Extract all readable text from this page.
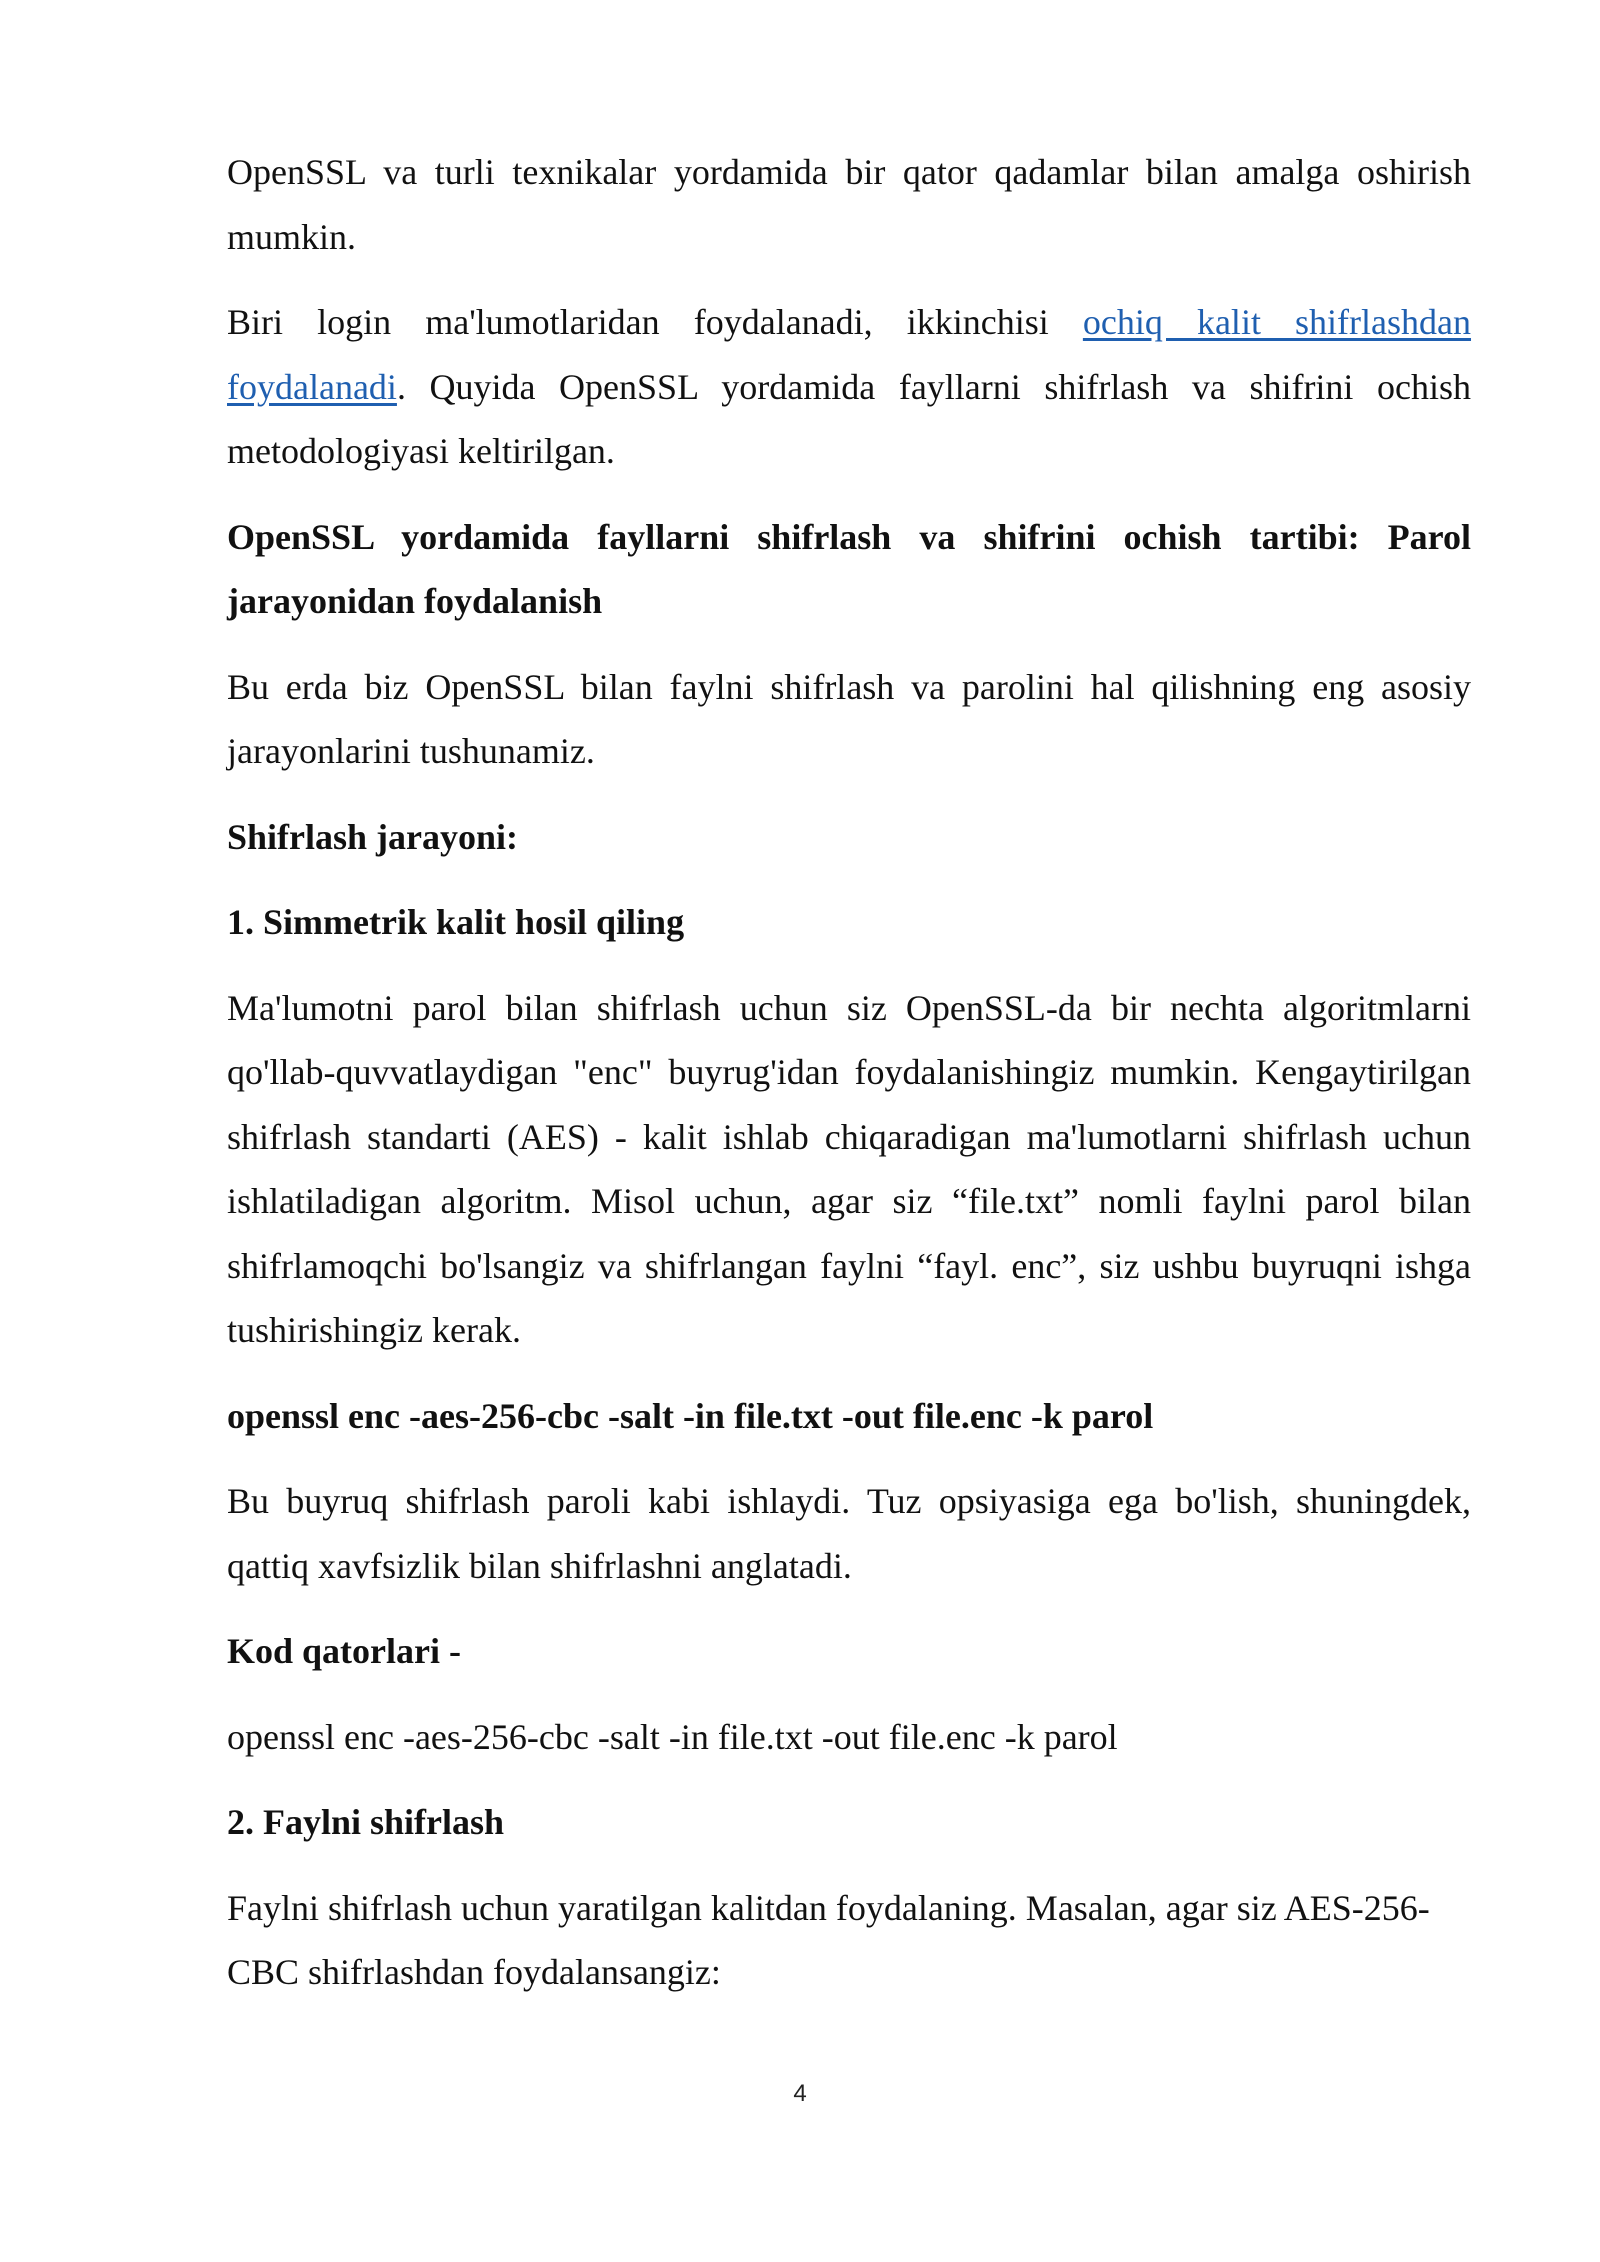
OpenSSL va turli texnikalar yordamida bir qator qadamlar bilan amalga oshirish mumkin.

Biri login ma'lumotlaridan foydalanadi, ikkinchisi ochiq kalit shifrlashdan foydalanadi. Quyida OpenSSL yordamida fayllarni shifrlash va shifrini ochish metodologiyasi keltirilgan.

OpenSSL yordamida fayllarni shifrlash va shifrini ochish tartibi: Parol jarayonidan foydalanish

Bu erda biz OpenSSL bilan faylni shifrlash va parolini hal qilishning eng asosiy jarayonlarini tushunamiz.

Shifrlash jarayoni:

1. Simmetrik kalit hosil qiling

Ma'lumotni parol bilan shifrlash uchun siz OpenSSL-da bir nechta algoritmlarni qo'llab-quvvatlaydigan "enc" buyrug'idan foydalanishingiz mumkin. Kengaytirilgan shifrlash standarti (AES) - kalit ishlab chiqaradigan ma'lumotlarni shifrlash uchun ishlatiladigan algoritm. Misol uchun, agar siz “file.txt” nomli faylni parol bilan shifrlamoqchi bo'lsangiz va shifrlangan faylni “fayl. enc”, siz ushbu buyruqni ishga tushirishingiz kerak.

openssl enc -aes-256-cbc -salt -in file.txt -out file.enc -k parol

Bu buyruq shifrlash paroli kabi ishlaydi. Tuz opsiyasiga ega bo'lish, shuningdek, qattiq xavfsizlik bilan shifrlashni anglatadi.

Kod qatorlari -

openssl enc -aes-256-cbc -salt -in file.txt -out file.enc -k parol

2. Faylni shifrlash

Faylni shifrlash uchun yaratilgan kalitdan foydalaning. Masalan, agar siz AES-256-CBC shifrlashdan foydalansangiz:

4
